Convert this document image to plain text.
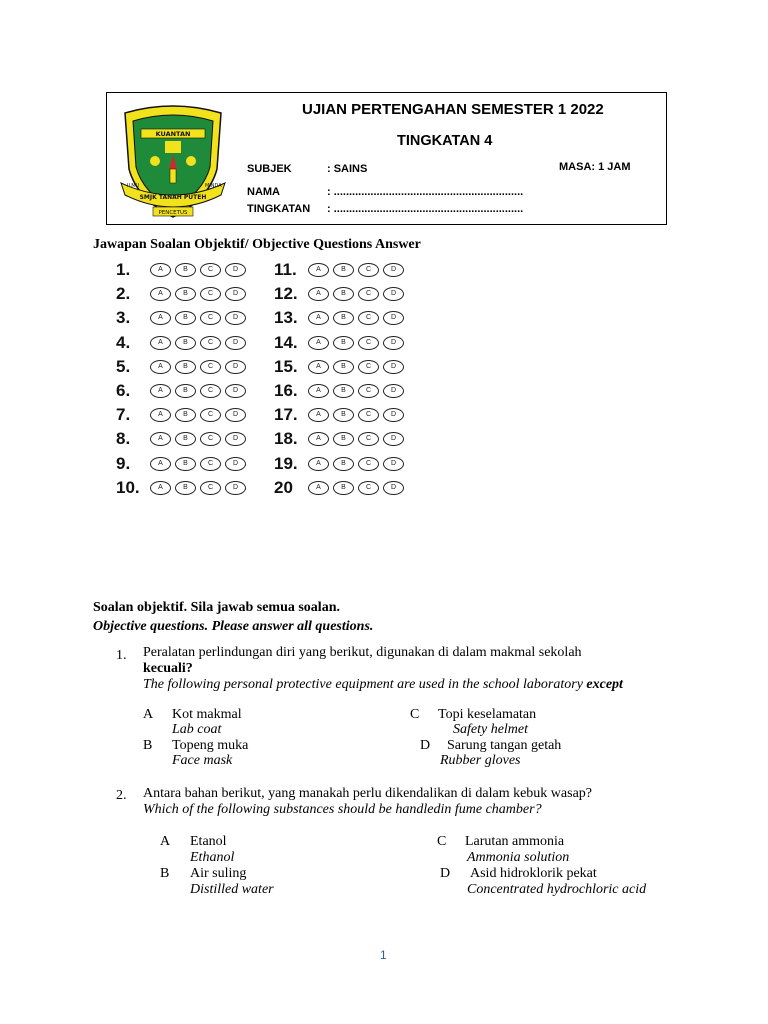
KUANTAN
SMJK TANAH PUTEH
ILMU	MINDA
PENCETUS
UJIAN PERTENGAHAN SEMESTER 1 2022
TINGKATAN 4
SUBJEK	: SAINS	MASA: 1 JAM
NAMA	: ..............................................................
TINGKATAN : ..............................................................
Jawapan Soalan Objektif/ Objective Questions Answer
1.	A	B	C	D
2.	A	B	C	D
3.	A	B	C	D
4.	A	B	C	D
5.	A	B	C	D
6.	A	B	C	D
7.	A	B	C	D
8.	A	B	C	D
9.	A	B	C	D
10.	A	B	C	D
11.	A	B	C	D
12.	A	B	C	D
13.	A	B	C	D
14.	A	B	C	D
15.	A	B	C	D
16.	A	B	C	D
17.	A	B	C	D
18.	A	B	C	D
19.	A	B	C	D
20	A	B	C	D
Soalan objektif. Sila jawab semua soalan.
Objective questions. Please answer all questions.
1. Peralatan perlindungan diri yang berikut, digunakan di dalam makmal sekolah
kecuali?
The following personal protective equipment are used in the school laboratory except
A Kot makmal
Lab coat
B Topeng muka
Face mask
C Topi keselamatan
Safety helmet
D Sarung tangan getah
Rubber gloves
2. Antara bahan berikut, yang manakah perlu dikendalikan di dalam kebuk wasap?
Which of the following substances should be handledin fume chamber?
A Etanol
Ethanol
B Air suling
Distilled water
C Larutan ammonia
Ammonia solution
D Asid hidroklorik pekat
Concentrated hydrochloric acid
1
